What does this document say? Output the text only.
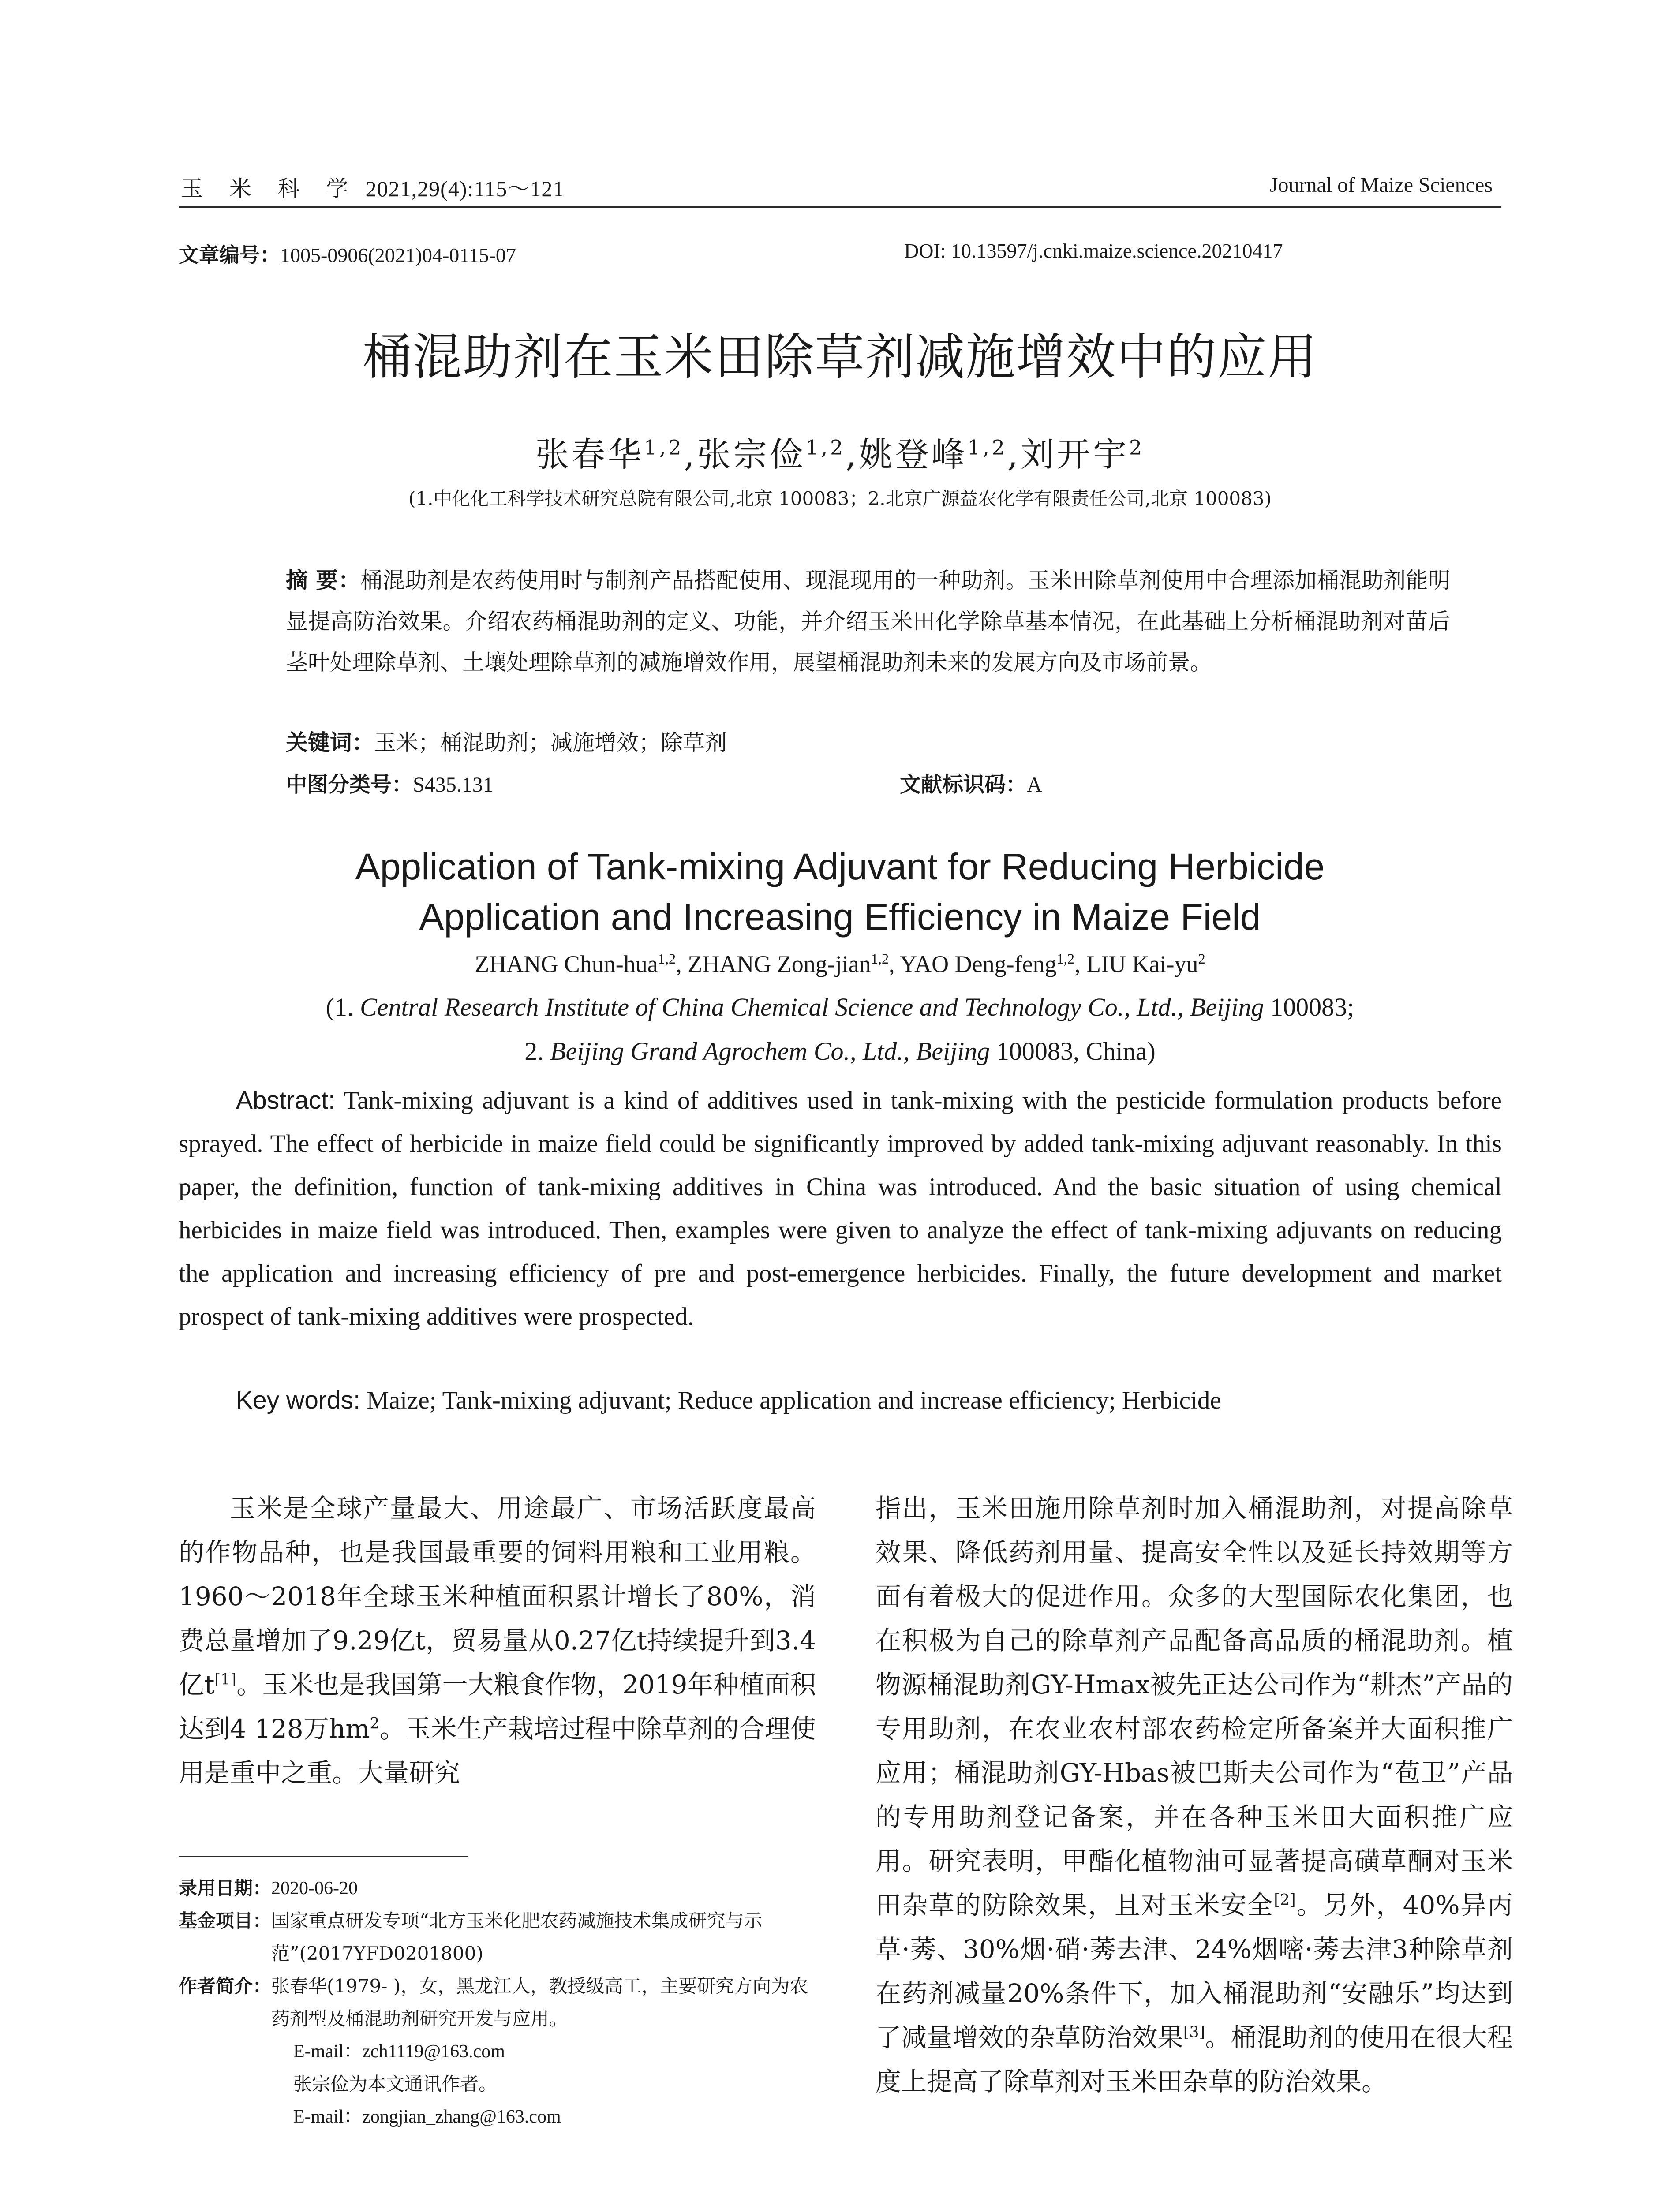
玉 米 科 学 2021,29(4):115～121	Journal of Maize Sciences
文章编号：1005-0906(2021)04-0115-07	DOI: 10.13597/j.cnki.maize.science.20210417
桶混助剂在玉米田除草剂减施增效中的应用
张春华$^{1,2}$,张宗俭$^{1,2}$,姚登峰$^{1,2}$,刘开宇$^2$
(1.中化化工科学技术研究总院有限公司,北京 100083；2.北京广源益农化学有限责任公司,北京 100083)
摘 要：桶混助剂是农药使用时与制剂产品搭配使用、现混现用的一种助剂。玉米田除草剂使用中合理添加桶混助剂能明显提高防治效果。介绍农药桶混助剂的定义、功能，并介绍玉米田化学除草基本情况，在此基础上分析桶混助剂对苗后茎叶处理除草剂、土壤处理除草剂的减施增效作用，展望桶混助剂未来的发展方向及市场前景。
关键词：玉米；桶混助剂；减施增效；除草剂
中图分类号：S435.131	文献标识码：A
Application of Tank-mixing Adjuvant for Reducing Herbicide
Application and Increasing Efficiency in Maize Field
ZHANG Chun-hua$^{1,2}$, ZHANG Zong-jian$^{1,2}$, YAO Deng-feng$^{1,2}$, LIU Kai-$yu^2$
(1. Central Research Institute of China Chemical Science and Technology Co., Ltd., Beijing 100083;
2. Beijing Grand Agrochem Co., Ltd., Beijing 100083, China)
Abstract: Tank-mixing adjuvant is a kind of additives used in tank-mixing with the pesticide formulation products before sprayed. The effect of herbicide in maize field could be significantly improved by added tank-mixing adjuvant reasonably. In this paper, the definition, function of tank-mixing additives in China was introduced. And the basic situation of using chemical herbicides in maize field was introduced. Then, examples were given to analyze the effect of tank-mixing adjuvants on reducing the application and increasing efficiency of pre and post-emergence herbicides. Finally, the future development and market prospect of tank-mixing additives were prospected.
Key words: Maize; Tank-mixing adjuvant; Reduce application and increase efficiency; Herbicide

玉米是全球产量最大、用途最广、市场活跃度最高的作物品种，也是我国最重要的饲料用粮和工业用粮。1960～2018年全球玉米种植面积累计增长了80%，消费总量增加了9.29亿t，贸易量从0.27亿t持续提升到3.4亿t[1]。玉米也是我国第一大粮食作物，2019年种植面积达到4 128万$hm^2$。玉米生产栽培过程中除草剂的合理使用是重中之重。大量研究

指出，玉米田施用除草剂时加入桶混助剂，对提高除草效果、降低药剂用量、提高安全性以及延长持效期等方面有着极大的促进作用。众多的大型国际农化集团，也在积极为自己的除草剂产品配备高品质的桶混助剂。植物源桶混助剂GY-Hmax被先正达公司作为“耕杰”产品的专用助剂，在农业农村部农药检定所备案并大面积推广应用；桶混助剂GY-Hbas被巴斯夫公司作为“苞卫”产品的专用助剂登记备案，并在各种玉米田大面积推广应用。研究表明，甲酯化植物油可显著提高磺草酮对玉米田杂草的防除效果，且对玉米安全[2]。另外，40%异丙草·莠、30%烟·硝·莠去津、24%烟嘧·莠去津3种除草剂在药剂减量20%条件下，加入桶混助剂“安融乐”均达到了减量增效的杂草防治效果[3]。桶混助剂的使用在很大程度上提高了除草剂对玉米田杂草的防治效果。

录用日期： 2020-06-20
基金项目： 国家重点研发专项“北方玉米化肥农药减施技术集成研究与示范”(2017YFD0201800)
作者简介： 张春华(1979- )，女，黑龙江人，教授级高工，主要研究方向为农药剂型及桶混助剂研究开发与应用。
E-mail：zch1119@163.com
张宗俭为本文通讯作者。
E-mail：zongjian_zhang@163.com
